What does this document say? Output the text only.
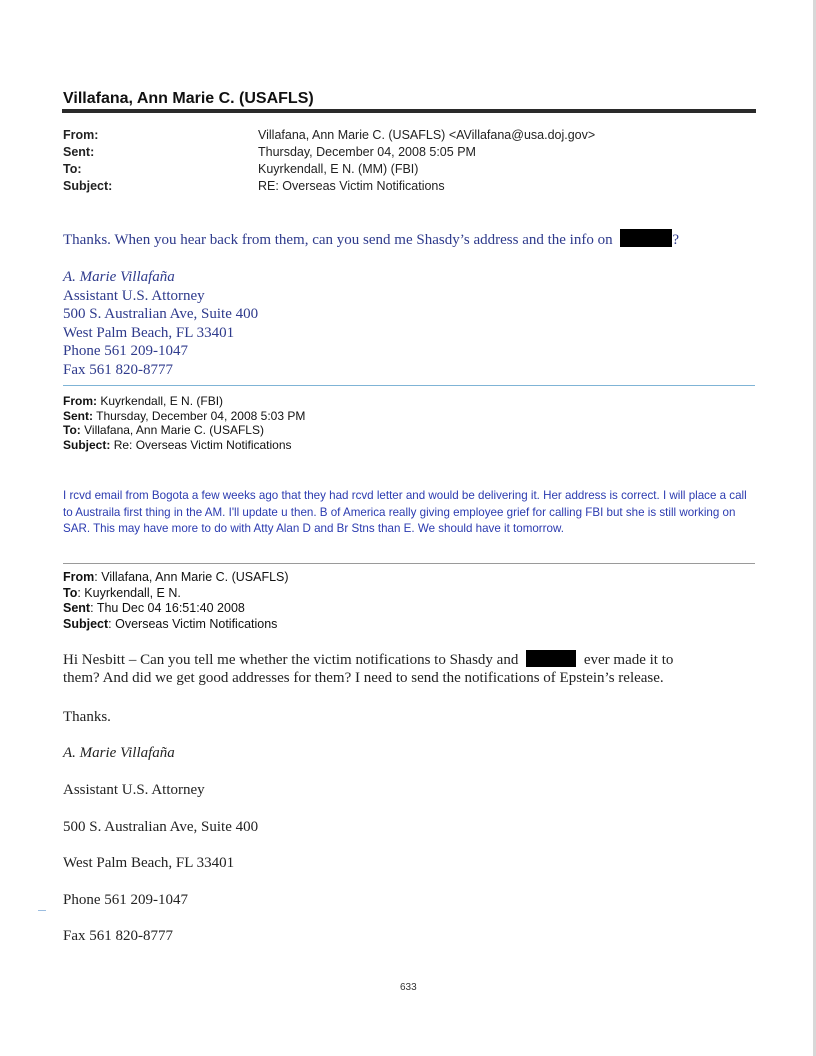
Villafana, Ann Marie C. (USAFLS)
From:	Villafana, Ann Marie C. (USAFLS) <AVillafana@usa.doj.gov>
Sent:	Thursday, December 04, 2008 5:05 PM
To:	Kuyrkendall, E N. (MM) (FBI)
Subject:	RE: Overseas Victim Notifications
Thanks. When you hear back from them, can you send me Shasdy’s address and the info on	?
A. Marie Villafaña
Assistant U.S. Attorney
500 S. Australian Ave, Suite 400
West Palm Beach, FL 33401
Phone 561 209-1047
Fax 561 820-8777
From: Kuyrkendall, E N. (FBI)
Sent: Thursday, December 04, 2008 5:03 PM
To: Villafana, Ann Marie C. (USAFLS)
Subject: Re: Overseas Victim Notifications
I rcvd email from Bogota a few weeks ago that they had rcvd letter and would be delivering it. Her address is correct. I will place a call to Austraila first thing in the AM. I'll update u then. B of America really giving employee grief for calling FBI but she is still working on SAR. This may have more to do with Atty Alan D and Br Stns than E. We should have it tomorrow.
From: Villafana, Ann Marie C. (USAFLS)
To: Kuyrkendall, E N.
Sent: Thu Dec 04 16:51:40 2008
Subject: Overseas Victim Notifications
Hi Nesbitt – Can you tell me whether the victim notifications to Shasdy and	ever made it to
them? And did we get good addresses for them? I need to send the notifications of Epstein’s release.
Thanks.
A. Marie Villafaña
Assistant U.S. Attorney
500 S. Australian Ave, Suite 400
West Palm Beach, FL 33401
Phone 561 209-1047
Fax 561 820-8777
633
